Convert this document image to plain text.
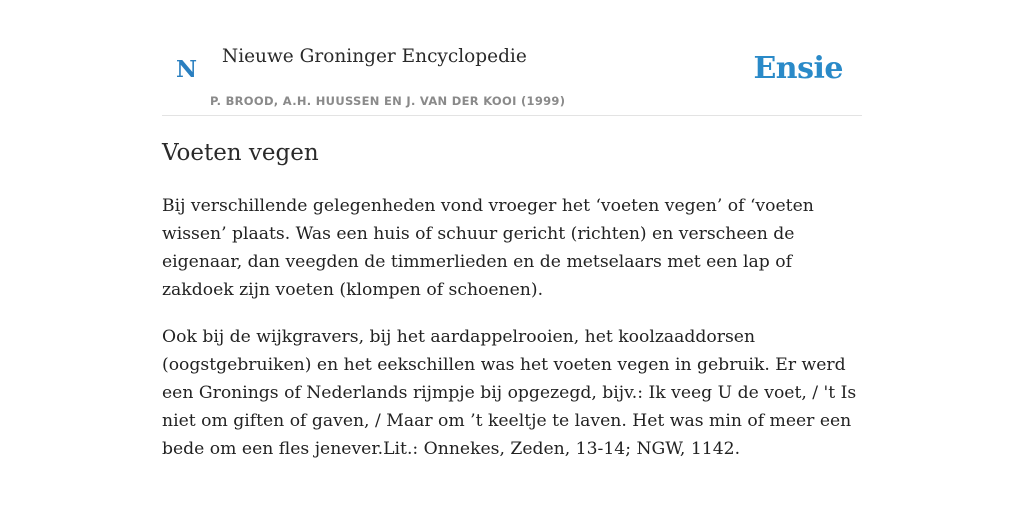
N Nieuwe Groninger Encyclopedie
P. BROOD, A.H. HUUSSEN EN J. VAN DER KOOI (1999)
Ensie
Voeten vegen

Bij verschillende gelegenheden vond vroeger het ‘voeten vegen’ of ‘voeten wissen’ plaats. Was een huis of schuur gericht (richten) en verscheen de eigenaar, dan veegden de timmerlieden en de metselaars met een lap of zakdoek zijn voeten (klompen of schoenen).

Ook bij de wijkgravers, bij het aardappelrooien, het koolzaaddorsen (oogstgebruiken) en het eekschillen was het voeten vegen in gebruik. Er werd een Gronings of Nederlands rijmpje bij opgezegd, bijv.: Ik veeg U de voet, / 't Is niet om giften of gaven, / Maar om ’t keeltje te laven. Het was min of meer een bede om een fles jenever.Lit.: Onnekes, Zeden, 13-14; NGW, 1142.
